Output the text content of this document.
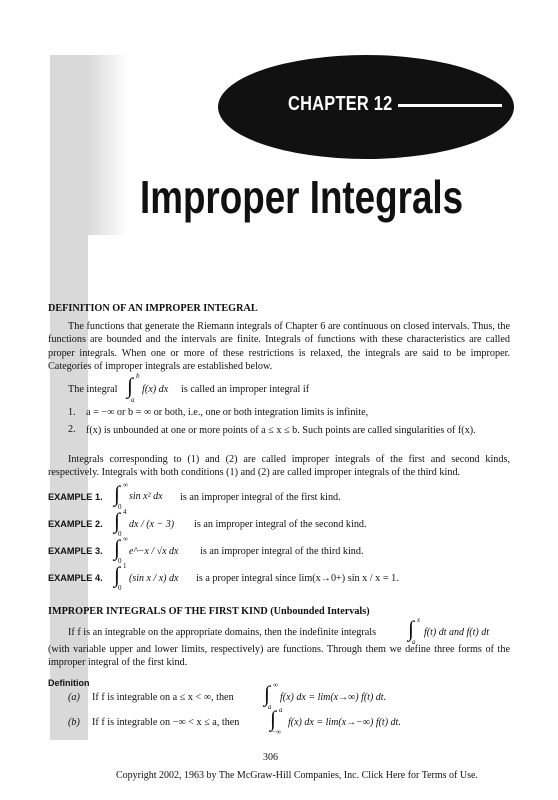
CHAPTER 12
Improper Integrals
DEFINITION OF AN IMPROPER INTEGRAL
The functions that generate the Riemann integrals of Chapter 6 are continuous on closed intervals. Thus, the functions are bounded and the intervals are finite. Integrals of functions with these characteristics are called proper integrals. When one or more of these restrictions is relaxed, the integrals are said to be improper. Categories of improper integrals are established below.
The integral ∫ b
a
f(x) dx is called an improper integral if
1. a = −∞ or b = ∞ or both, i.e., one or both integration limits is infinite,
2. f(x) is unbounded at one or more points of a ≤ x ≤ b. Such points are called singularities of f(x).
Integrals corresponding to (1) and (2) are called improper integrals of the first and second kinds, respectively. Integrals with both conditions (1) and (2) are called improper integrals of the third kind.
EXAMPLE 1. ∫ ∞
0
sin x² dx is an improper integral of the first kind.
EXAMPLE 2. ∫ 4
0
dx / (x − 3) is an improper integral of the second kind.
EXAMPLE 3. ∫ ∞
0
e^−x / √x dx is an improper integral of the third kind.
EXAMPLE 4. ∫ 1
0
(sin x / x) dx is a proper integral since lim(x→0+) sin x / x = 1.
IMPROPER INTEGRALS OF THE FIRST KIND (Unbounded Intervals)
If f is an integrable on the appropriate domains, then the indefinite integrals ∫ x
a
f(t) dt and f(t) dt
(with variable upper and lower limits, respectively) are functions. Through them we define three forms of the improper integral of the first kind.
Definition
(a) If f is integrable on a ≤ x < ∞, then ∫ ∞
a
f(x) dx = lim(x→∞) f(t) dt.
(b) If f is integrable on −∞ < x ≤ a, then ∫ a
−∞
f(x) dx = lim(x→−∞) f(t) dt.
306
Copyright 2002, 1963 by The McGraw-Hill Companies, Inc. Click Here for Terms of Use.
